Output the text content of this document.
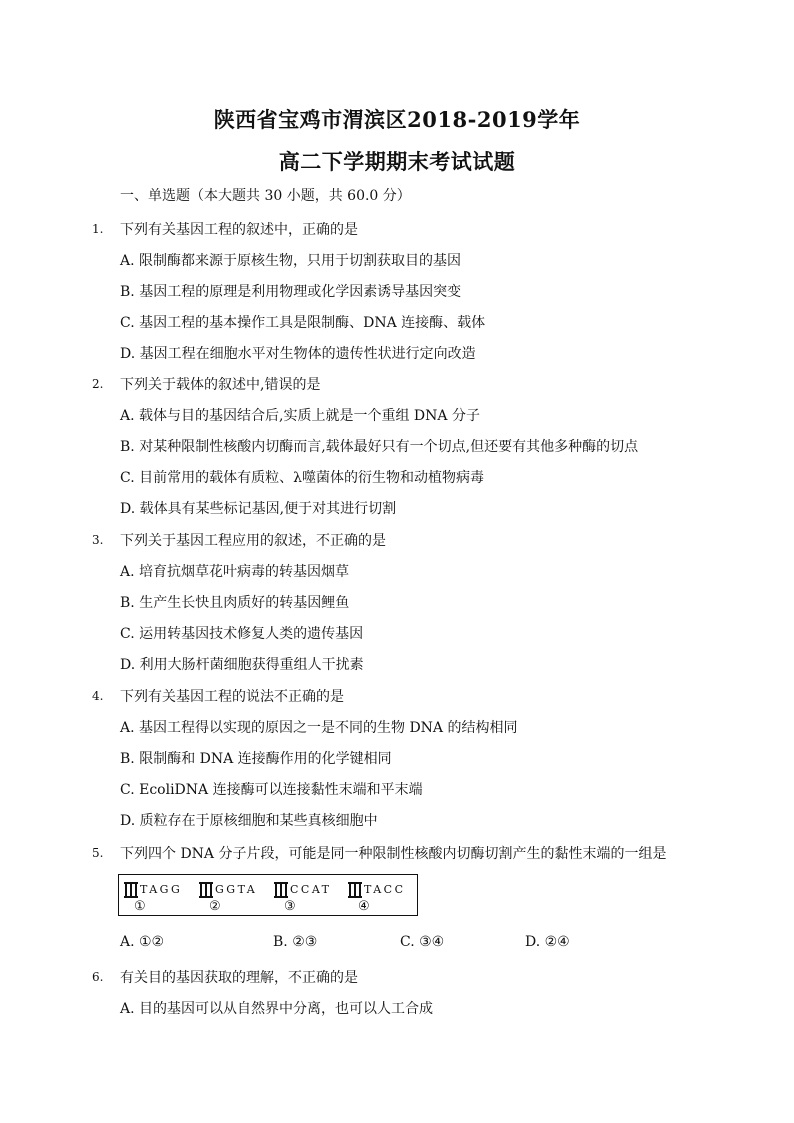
陕西省宝鸡市渭滨区2018-2019学年
高二下学期期末考试试题
一、单选题（本大题共 30 小题，共 60.0 分）
1. 下列有关基因工程的叙述中，正确的是
A. 限制酶都来源于原核生物，只用于切割获取目的基因
B. 基因工程的原理是利用物理或化学因素诱导基因突变
C. 基因工程的基本操作工具是限制酶、DNA 连接酶、载体
D. 基因工程在细胞水平对生物体的遗传性状进行定向改造
2. 下列关于载体的叙述中,错误的是
A. 载体与目的基因结合后,实质上就是一个重组 DNA 分子
B. 对某种限制性核酸内切酶而言,载体最好只有一个切点,但还要有其他多种酶的切点
C. 目前常用的载体有质粒、λ噬菌体的衍生物和动植物病毒
D. 载体具有某些标记基因,便于对其进行切割
3. 下列关于基因工程应用的叙述，不正确的是
A. 培育抗烟草花叶病毒的转基因烟草
B. 生产生长快且肉质好的转基因鲤鱼
C. 运用转基因技术修复人类的遗传基因
D. 利用大肠杆菌细胞获得重组人干扰素
4. 下列有关基因工程的说法不正确的是
A. 基因工程得以实现的原因之一是不同的生物 DNA 的结构相同
B. 限制酶和 DNA 连接酶作用的化学键相同
C. EcoliDNA 连接酶可以连接黏性末端和平末端
D. 质粒存在于原核细胞和某些真核细胞中
5. 下列四个 DNA 分子片段，可能是同一种限制性核酸内切酶切割产生的黏性末端的一组是
TAGG
①
GGTA
②
CCAT
③
TACC
④
A. ①②	B. ②③	C. ③④	D. ②④
6. 有关目的基因获取的理解，不正确的是
A. 目的基因可以从自然界中分离，也可以人工合成
